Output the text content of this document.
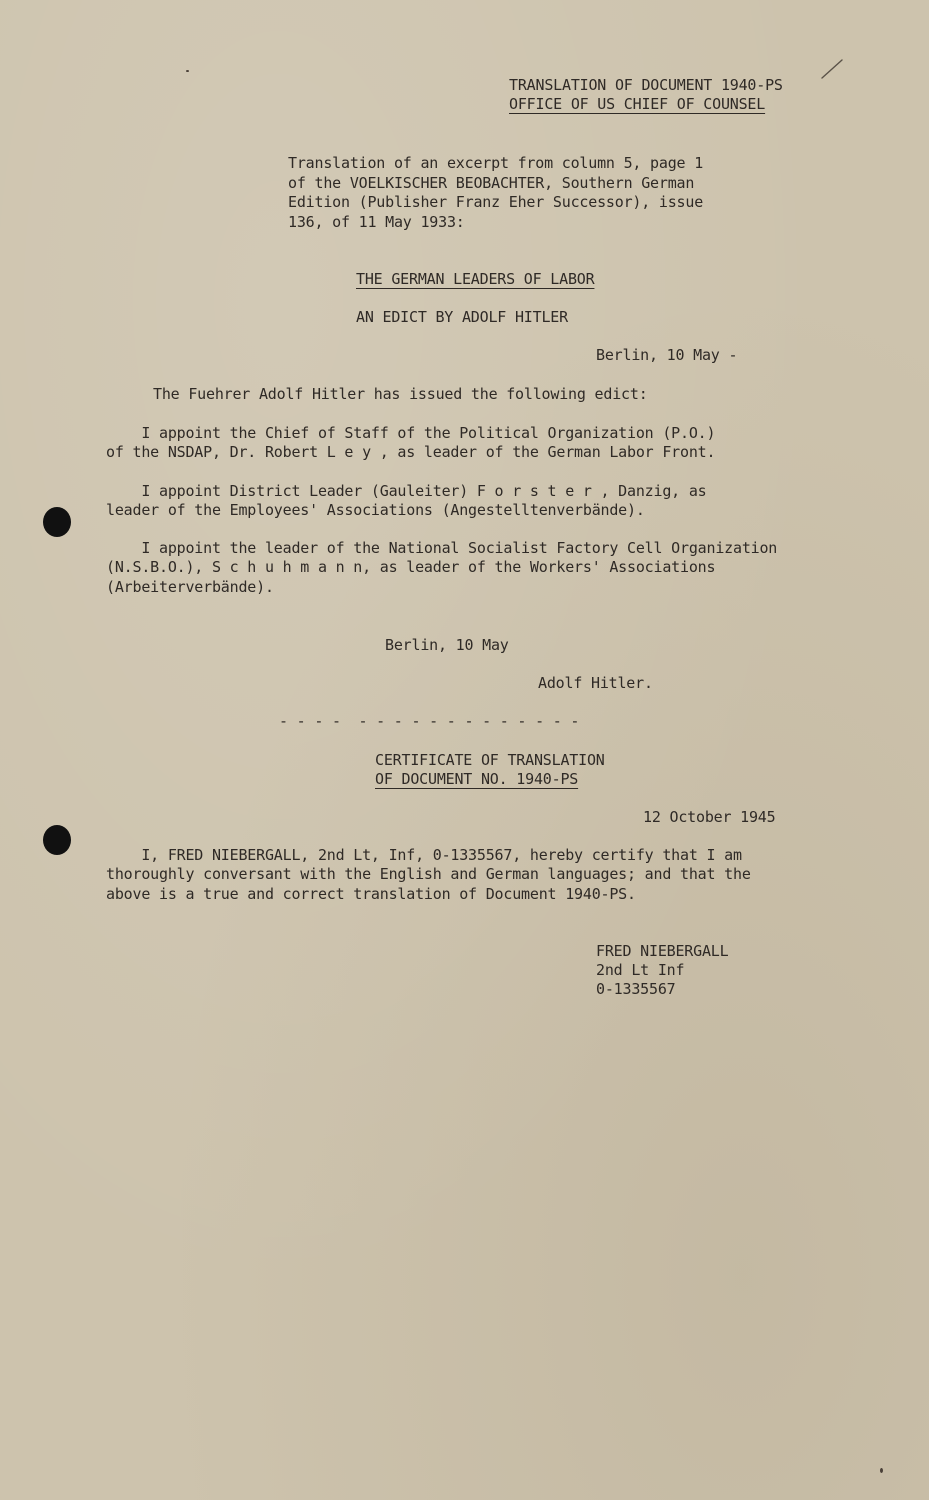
TRANSLATION OF DOCUMENT 1940-PS
OFFICE OF US CHIEF OF COUNSEL
Translation of an excerpt from column 5, page 1
of the VOELKISCHER BEOBACHTER, Southern German
Edition (Publisher Franz Eher Successor), issue
136, of 11 May 1933:
THE GERMAN LEADERS OF LABOR
AN EDICT BY ADOLF HITLER
Berlin, 10 May -
The Fuehrer Adolf Hitler has issued the following edict:
I appoint the Chief of Staff of the Political Organization (P.O.)
of the NSDAP, Dr. Robert L e y , as leader of the German Labor Front.
I appoint District Leader (Gauleiter) F o r s t e r , Danzig, as
leader of the Employees' Associations (Angestelltenverbände).
I appoint the leader of the National Socialist Factory Cell Organization
(N.S.B.O.), S c h u h m a n n, as leader of the Workers' Associations
(Arbeiterverbände).
Berlin, 10 May
Adolf Hitler.
- - - -  - - - - - - - - - - - - -
CERTIFICATE OF TRANSLATION
OF DOCUMENT NO. 1940-PS
12 October 1945
I, FRED NIEBERGALL, 2nd Lt, Inf, 0-1335567, hereby certify that I am
thoroughly conversant with the English and German languages; and that the
above is a true and correct translation of Document 1940-PS.
FRED NIEBERGALL
2nd Lt Inf
0-1335567
